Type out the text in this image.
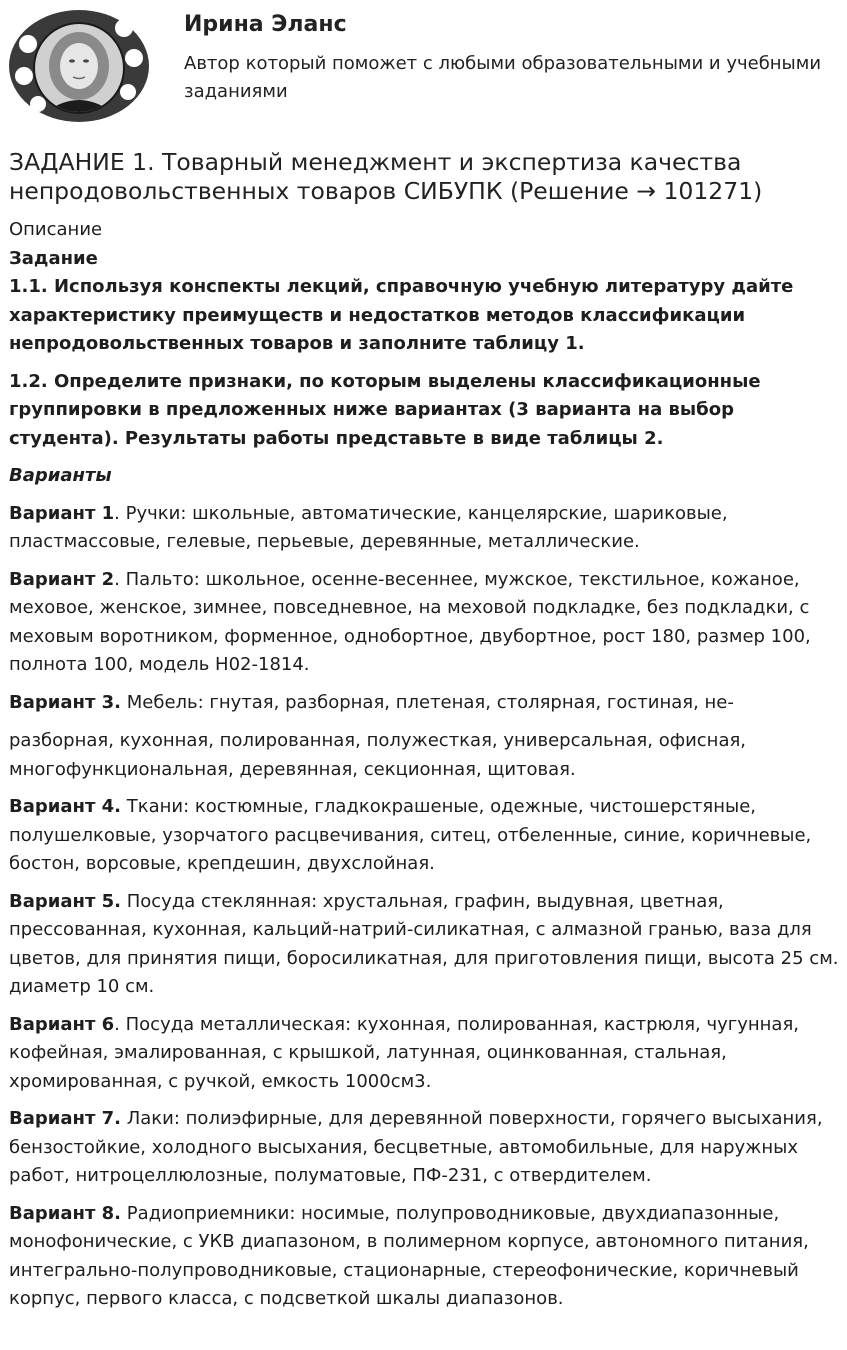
Ирина Эланс
Автор который поможет с любыми образовательными и учебными заданиями
ЗАДАНИЕ 1. Товарный менеджмент и экспертиза качества непродовольственных товаров СИБУПК (Решение → 101271)

Описание

Задание

1.1. Используя конспекты лекций, справочную учебную литературу дайте характеристику преимуществ и недостатков методов классификации непродовольственных товаров и заполните таблицу 1.

1.2. Определите признаки, по которым выделены классификационные группировки в предложенных ниже вариантах (3 варианта на выбор студента). Результаты работы представьте в виде таблицы 2.

Варианты

Вариант 1. Ручки: школьные, автоматические, канцелярские, шариковые, пластмассовые, гелевые, перьевые, деревянные, металлические.

Вариант 2. Пальто: школьное, осенне-весеннее, мужское, текстильное, кожаное, меховое, женское, зимнее, повседневное, на меховой подкладке, без подкладки, с меховым воротником, форменное, однобортное, двубортное, рост 180, размер 100, полнота 100, модель Н02-1814.

Вариант 3. Мебель: гнутая, разборная, плетеная, столярная, гостиная, не-

разборная, кухонная, полированная, полужесткая, универсальная, офисная, многофункциональная, деревянная, секционная, щитовая.

Вариант 4. Ткани: костюмные, гладкокрашеные, одежные, чистошерстяные, полушелковые, узорчатого расцвечивания, ситец, отбеленные, синие, коричневые, бостон, ворсовые, крепдешин, двухслойная.

Вариант 5. Посуда стеклянная: хрустальная, графин, выдувная, цветная, прессованная, кухонная, кальций-натрий-силикатная, с алмазной гранью, ваза для цветов, для принятия пищи, боросиликатная, для приготовления пищи, высота 25 см. диаметр 10 см.

Вариант 6. Посуда металлическая: кухонная, полированная, кастрюля, чугунная, кофейная, эмалированная, с крышкой, латунная, оцинкованная, стальная, хромированная, с ручкой, емкость 1000см3.

Вариант 7. Лаки: полиэфирные, для деревянной поверхности, горячего высыхания, бензостойкие, холодного высыхания, бесцветные, автомобильные, для наружных работ, нитроцеллюлозные, полуматовые, ПФ-231, с отвердителем.

Вариант 8. Радиоприемники: носимые, полупроводниковые, двухдиапазонные, монофонические, с УКВ диапазоном, в полимерном корпусе, автономного питания, интегрально-полупроводниковые, стационарные, стереофонические, коричневый корпус, первого класса, с подсветкой шкалы диапазонов.
